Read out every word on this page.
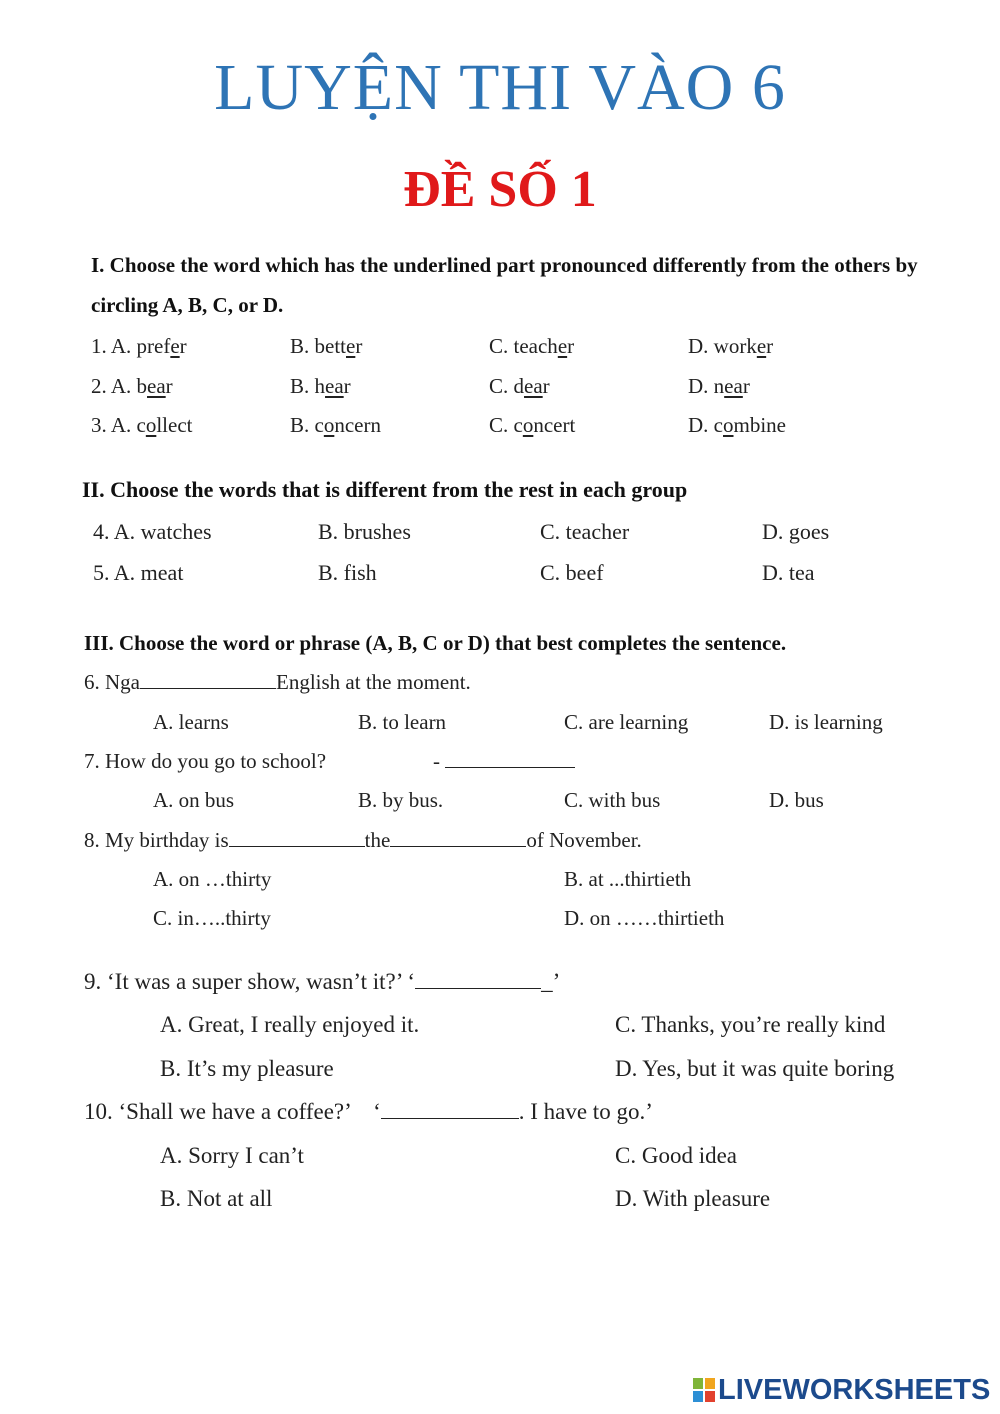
LUYỆN THI VÀO 6
ĐỀ SỐ 1
I. Choose the word which has the underlined part pronounced differently from the others by
circling A, B, C, or D.
1. A. prefer	B. better	C. teacher	D. worker
2. A. bear	B. hear	C. dear	D. near
3. A. collect	B. concern	C. concert	D. combine
II. Choose the words that is different from the rest in each group
4. A. watches	B. brushes	C. teacher	D. goes
5. A. meat	B. fish	C. beef	D. tea
III. Choose the word or phrase (A, B, C or D) that best completes the sentence.
6. Nga	English at the moment.
A. learns	B. to learn	C. are learning	D. is learning
7. How do you go to school?	-
A. on bus	B. by bus.	C. with bus	D. bus
8. My birthday is	the	of November.
A. on …thirty	B. at ...thirtieth
C. in…..thirty	D. on ……thirtieth
9. ‘It was a super show, wasn’t it?’ ‘	_’
A. Great, I really enjoyed it.	C. Thanks, you’re really kind
B. It’s my pleasure	D. Yes, but it was quite boring
10. ‘Shall we have a coffee?’    ‘	. I have to go.’
A. Sorry I can’t	C. Good idea
B. Not at all	D. With pleasure
LIVEWORKSHEETS
